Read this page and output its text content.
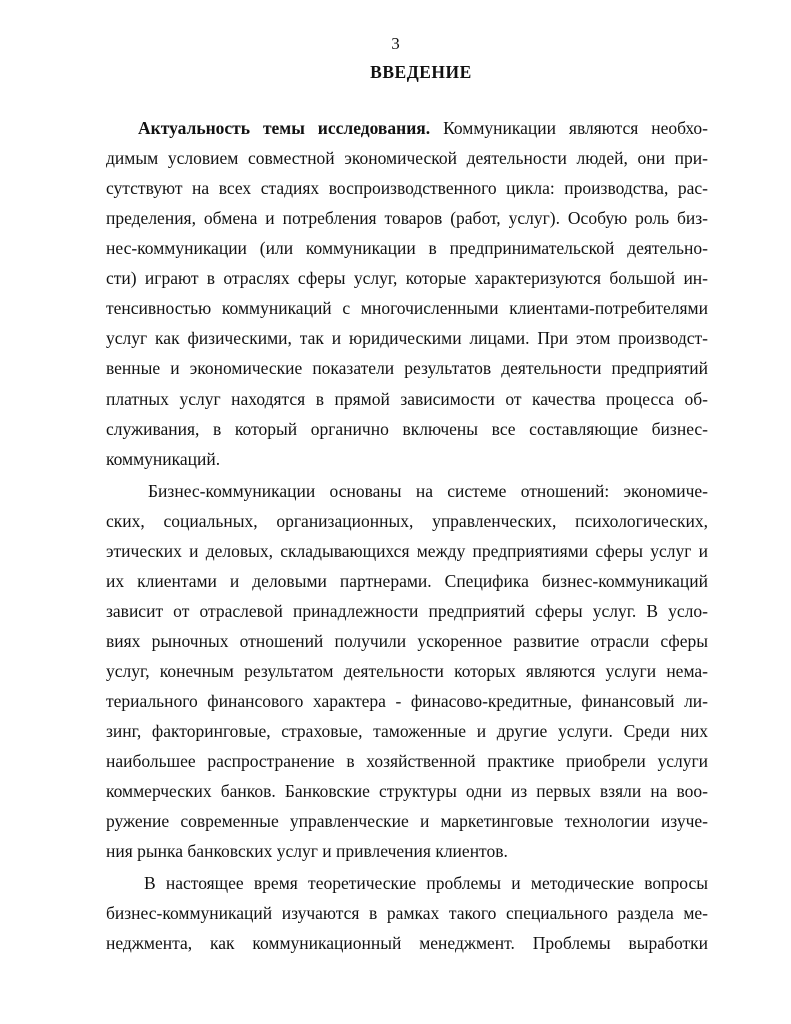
3
ВВЕДЕНИЕ
Актуальность темы исследования. Коммуникации являются необхо-
димым условием совместной экономической деятельности людей, они при-
сутствуют на всех стадиях воспроизводственного цикла: производства, рас-
пределения, обмена и потребления товаров (работ, услуг). Особую роль биз-
нес-коммуникации (или коммуникации в предпринимательской деятельно-
сти) играют в отраслях сферы услуг, которые характеризуются большой ин-
тенсивностью коммуникаций с многочисленными клиентами-потребителями
услуг как физическими, так и юридическими лицами. При этом производст-
венные и экономические показатели результатов деятельности предприятий
платных услуг находятся в прямой зависимости от качества процесса об-
служивания, в который органично включены все составляющие бизнес-
коммуникаций.
Бизнес-коммуникации основаны на системе отношений: экономиче-
ских, социальных, организационных, управленческих, психологических,
этических и деловых, складывающихся между предприятиями сферы услуг и
их клиентами и деловыми партнерами. Специфика бизнес-коммуникаций
зависит от отраслевой принадлежности предприятий сферы услуг. В усло-
виях рыночных отношений получили ускоренное развитие отрасли сферы
услуг, конечным результатом деятельности которых являются услуги нема-
териального финансового характера - финасово-кредитные, финансовый ли-
зинг, факторинговые, страховые, таможенные и другие услуги. Среди них
наибольшее распространение в хозяйственной практике приобрели услуги
коммерческих банков. Банковские структуры одни из первых взяли на воо-
ружение современные управленческие и маркетинговые технологии изуче-
ния рынка банковских услуг и привлечения клиентов.
В настоящее время теоретические проблемы и методические вопросы
бизнес-коммуникаций изучаются в рамках такого специального раздела ме-
неджмента, как коммуникационный менеджмент. Проблемы выработки
